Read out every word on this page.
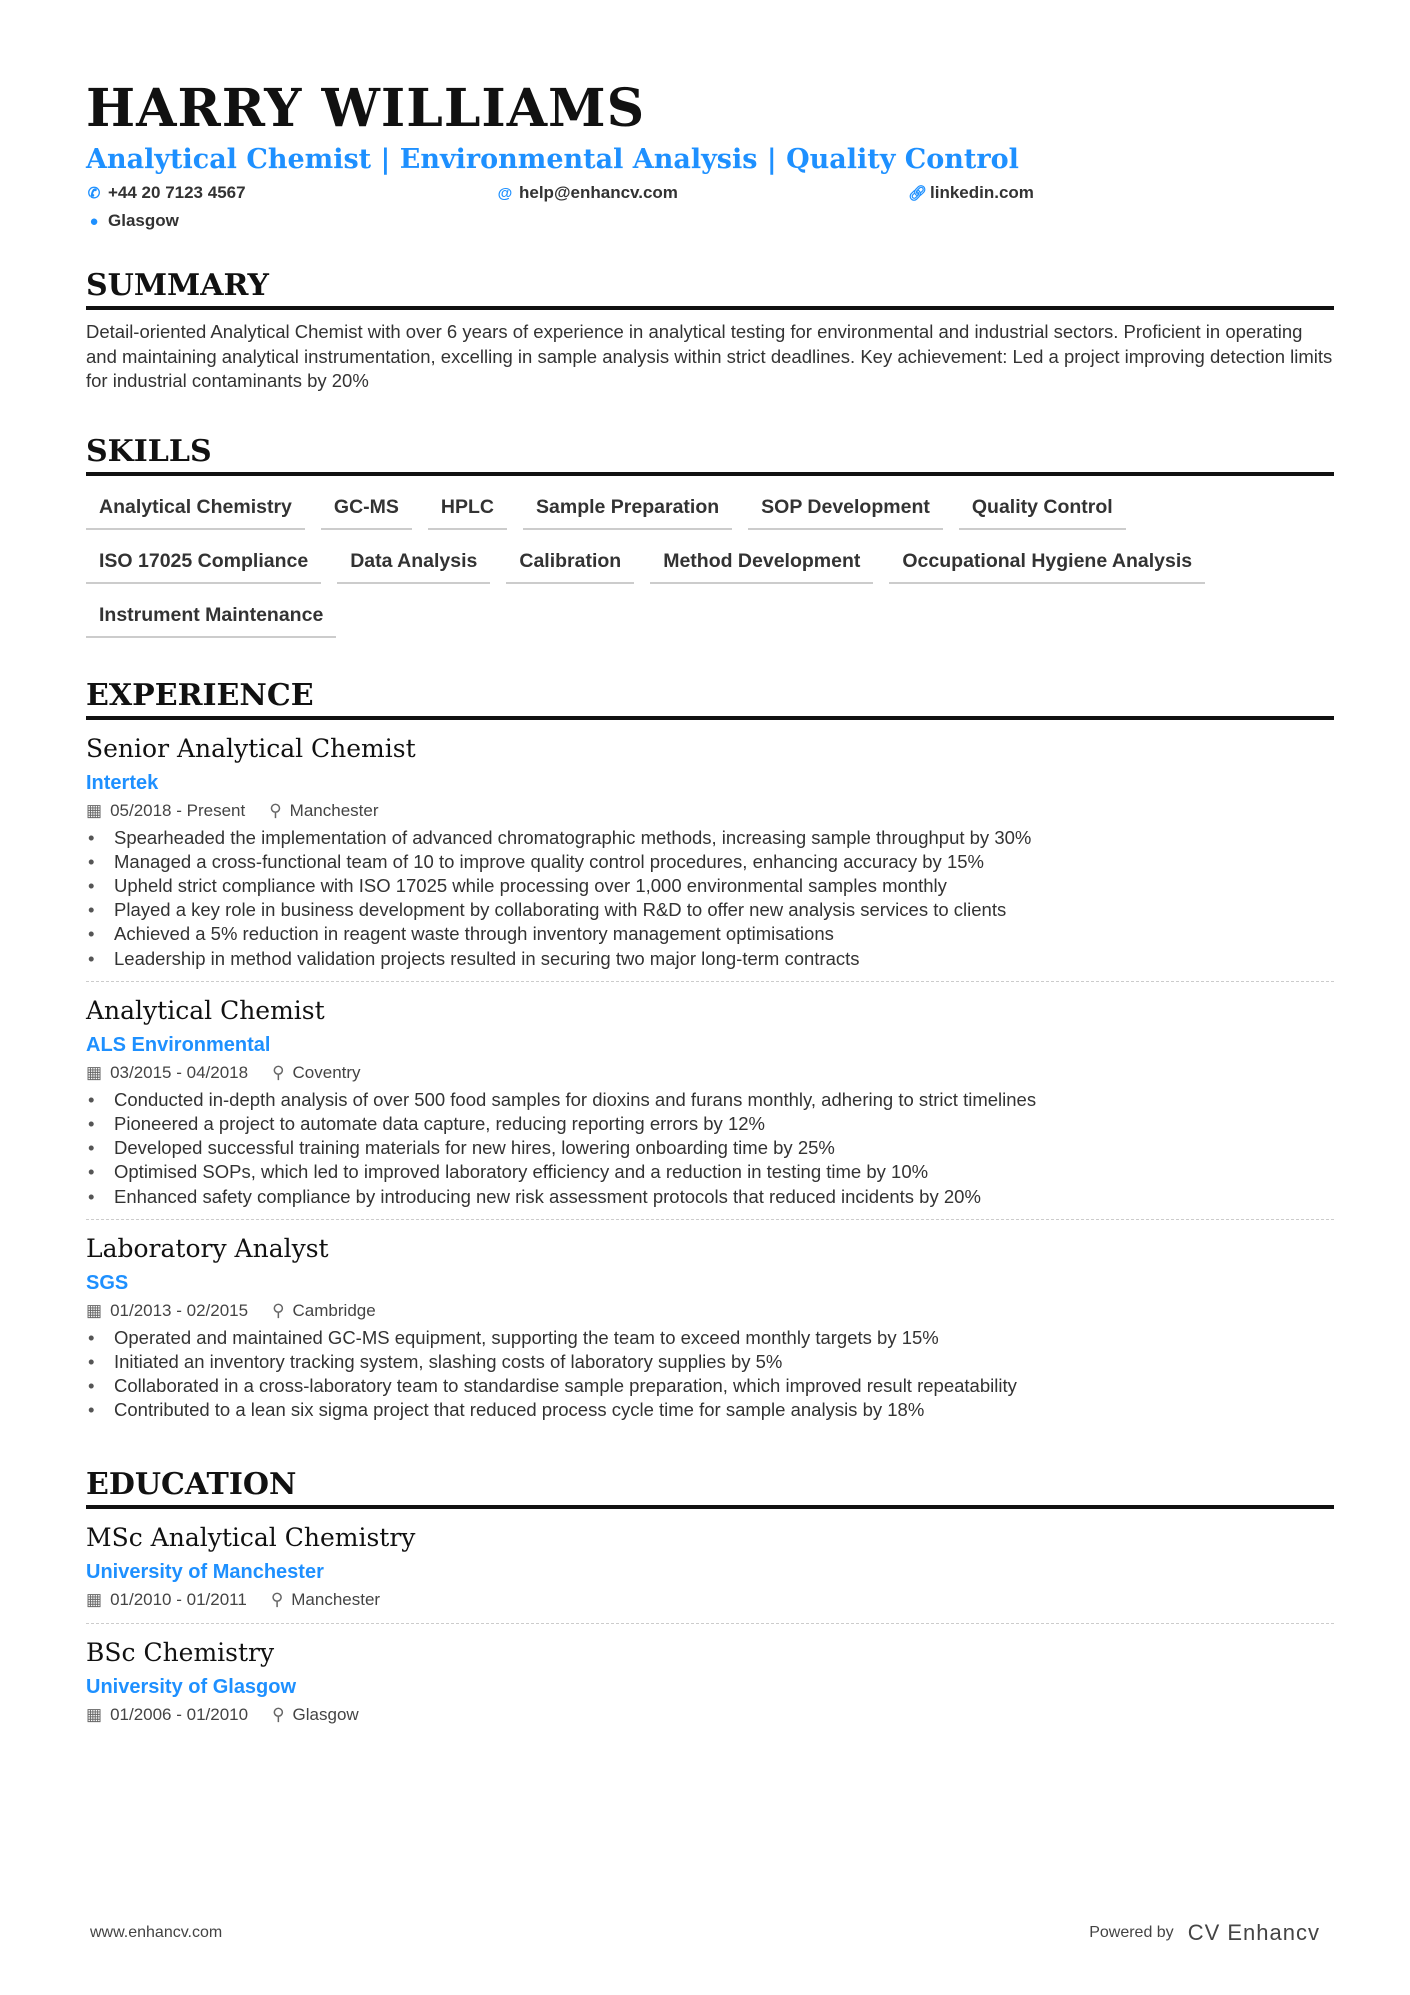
HARRY WILLIAMS
Analytical Chemist | Environmental Analysis | Quality Control
✆ +44 20 7123 4567	@ help@enhancv.com	🔗︎ linkedin.com
● Glasgow
SUMMARY

Detail-oriented Analytical Chemist with over 6 years of experience in analytical testing for environmental and industrial sectors. Proficient in operating and maintaining analytical instrumentation, excelling in sample analysis within strict deadlines. Key achievement: Led a project improving detection limits for industrial contaminants by 20%

SKILLS
Analytical Chemistry	GC-MS	HPLC	Sample Preparation	SOP Development	Quality Control
ISO 17025 Compliance	Data Analysis	Calibration	Method Development	Occupational Hygiene Analysis
Instrument Maintenance
EXPERIENCE
Senior Analytical Chemist
Intertek
▦ 05/2018 - Present ⚲ Manchester
• Spearheaded the implementation of advanced chromatographic methods, increasing sample throughput by 30%
• Managed a cross-functional team of 10 to improve quality control procedures, enhancing accuracy by 15%
• Upheld strict compliance with ISO 17025 while processing over 1,000 environmental samples monthly
• Played a key role in business development by collaborating with R&D to offer new analysis services to clients
• Achieved a 5% reduction in reagent waste through inventory management optimisations
• Leadership in method validation projects resulted in securing two major long-term contracts
Analytical Chemist
ALS Environmental
▦ 03/2015 - 04/2018 ⚲ Coventry
• Conducted in-depth analysis of over 500 food samples for dioxins and furans monthly, adhering to strict timelines
• Pioneered a project to automate data capture, reducing reporting errors by 12%
• Developed successful training materials for new hires, lowering onboarding time by 25%
• Optimised SOPs, which led to improved laboratory efficiency and a reduction in testing time by 10%
• Enhanced safety compliance by introducing new risk assessment protocols that reduced incidents by 20%
Laboratory Analyst
SGS
▦ 01/2013 - 02/2015 ⚲ Cambridge
• Operated and maintained GC-MS equipment, supporting the team to exceed monthly targets by 15%
• Initiated an inventory tracking system, slashing costs of laboratory supplies by 5%
• Collaborated in a cross-laboratory team to standardise sample preparation, which improved result repeatability
• Contributed to a lean six sigma project that reduced process cycle time for sample analysis by 18%
EDUCATION
MSc Analytical Chemistry
University of Manchester
▦ 01/2010 - 01/2011 ⚲ Manchester
BSc Chemistry
University of Glasgow
▦ 01/2006 - 01/2010 ⚲ Glasgow
www.enhancv.com	Powered by CV Enhancv
